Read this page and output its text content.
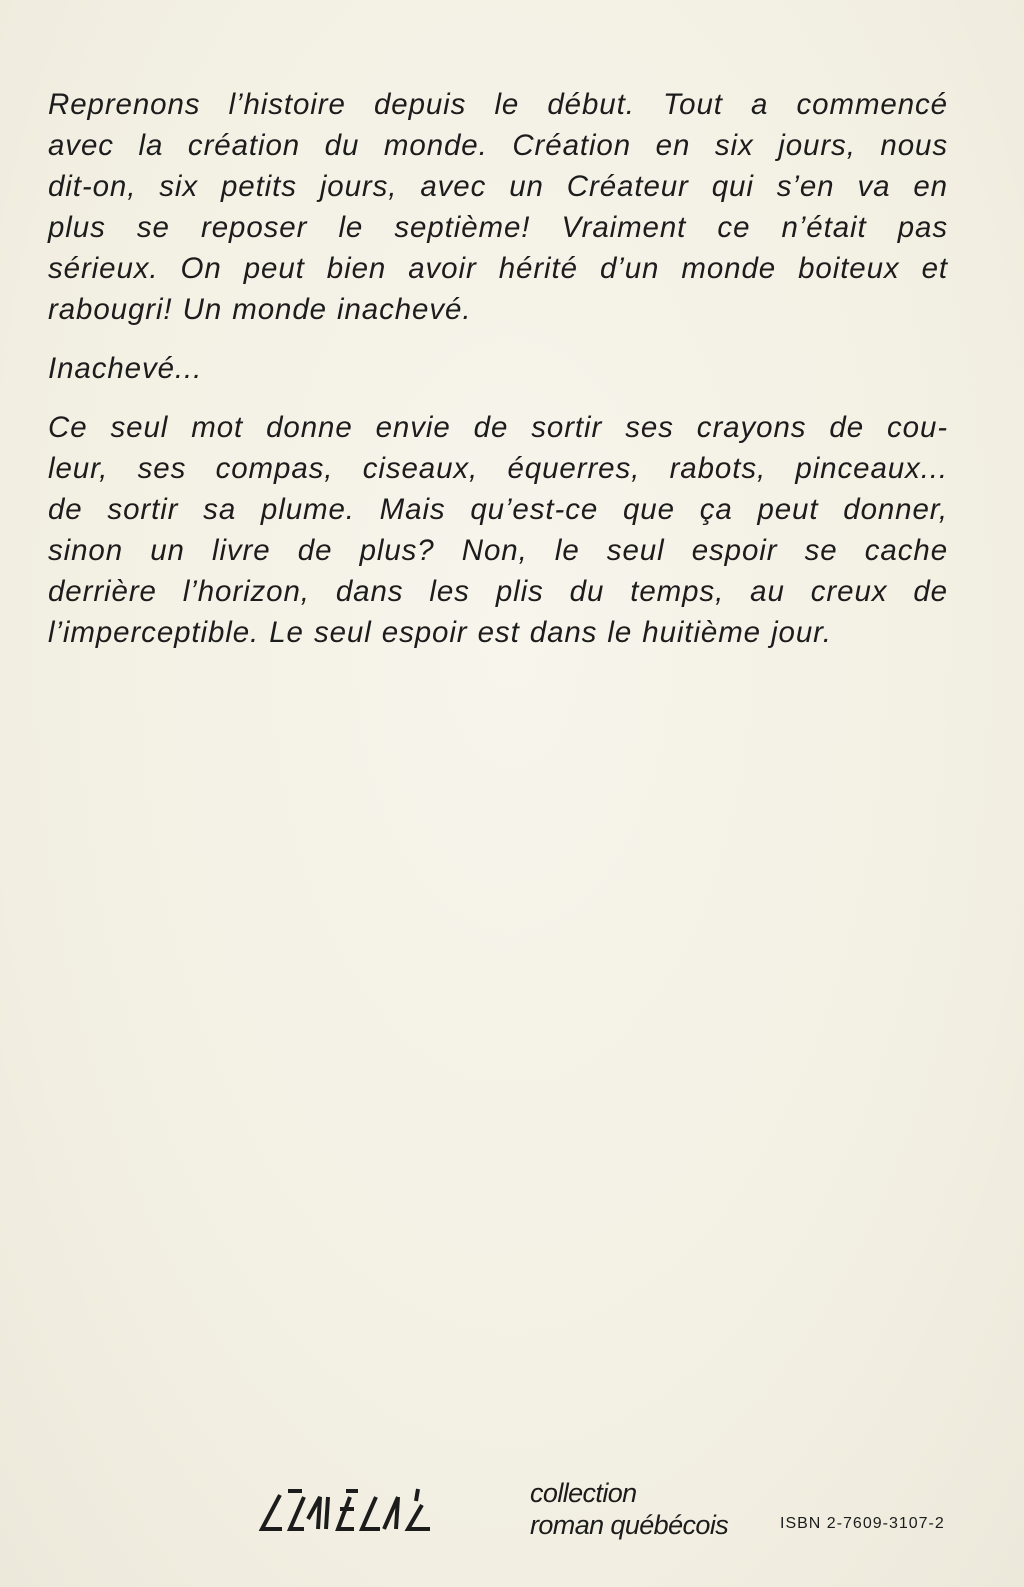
Reprenons l’histoire depuis le début. Tout a commencé
avec la création du monde. Création en six jours, nous
dit-on, six petits jours, avec un Créateur qui s’en va en
plus se reposer le septième! Vraiment ce n’était pas
sérieux. On peut bien avoir hérité d’un monde boiteux et
rabougri! Un monde inachevé.

Inachevé...

Ce seul mot donne envie de sortir ses crayons de cou-
leur, ses compas, ciseaux, équerres, rabots, pinceaux...
de sortir sa plume. Mais qu’est-ce que ça peut donner,
sinon un livre de plus? Non, le seul espoir se cache
derrière l’horizon, dans les plis du temps, au creux de
l’imperceptible. Le seul espoir est dans le huitième jour.

collection
roman québécois	ISBN 2-7609-3107-2
